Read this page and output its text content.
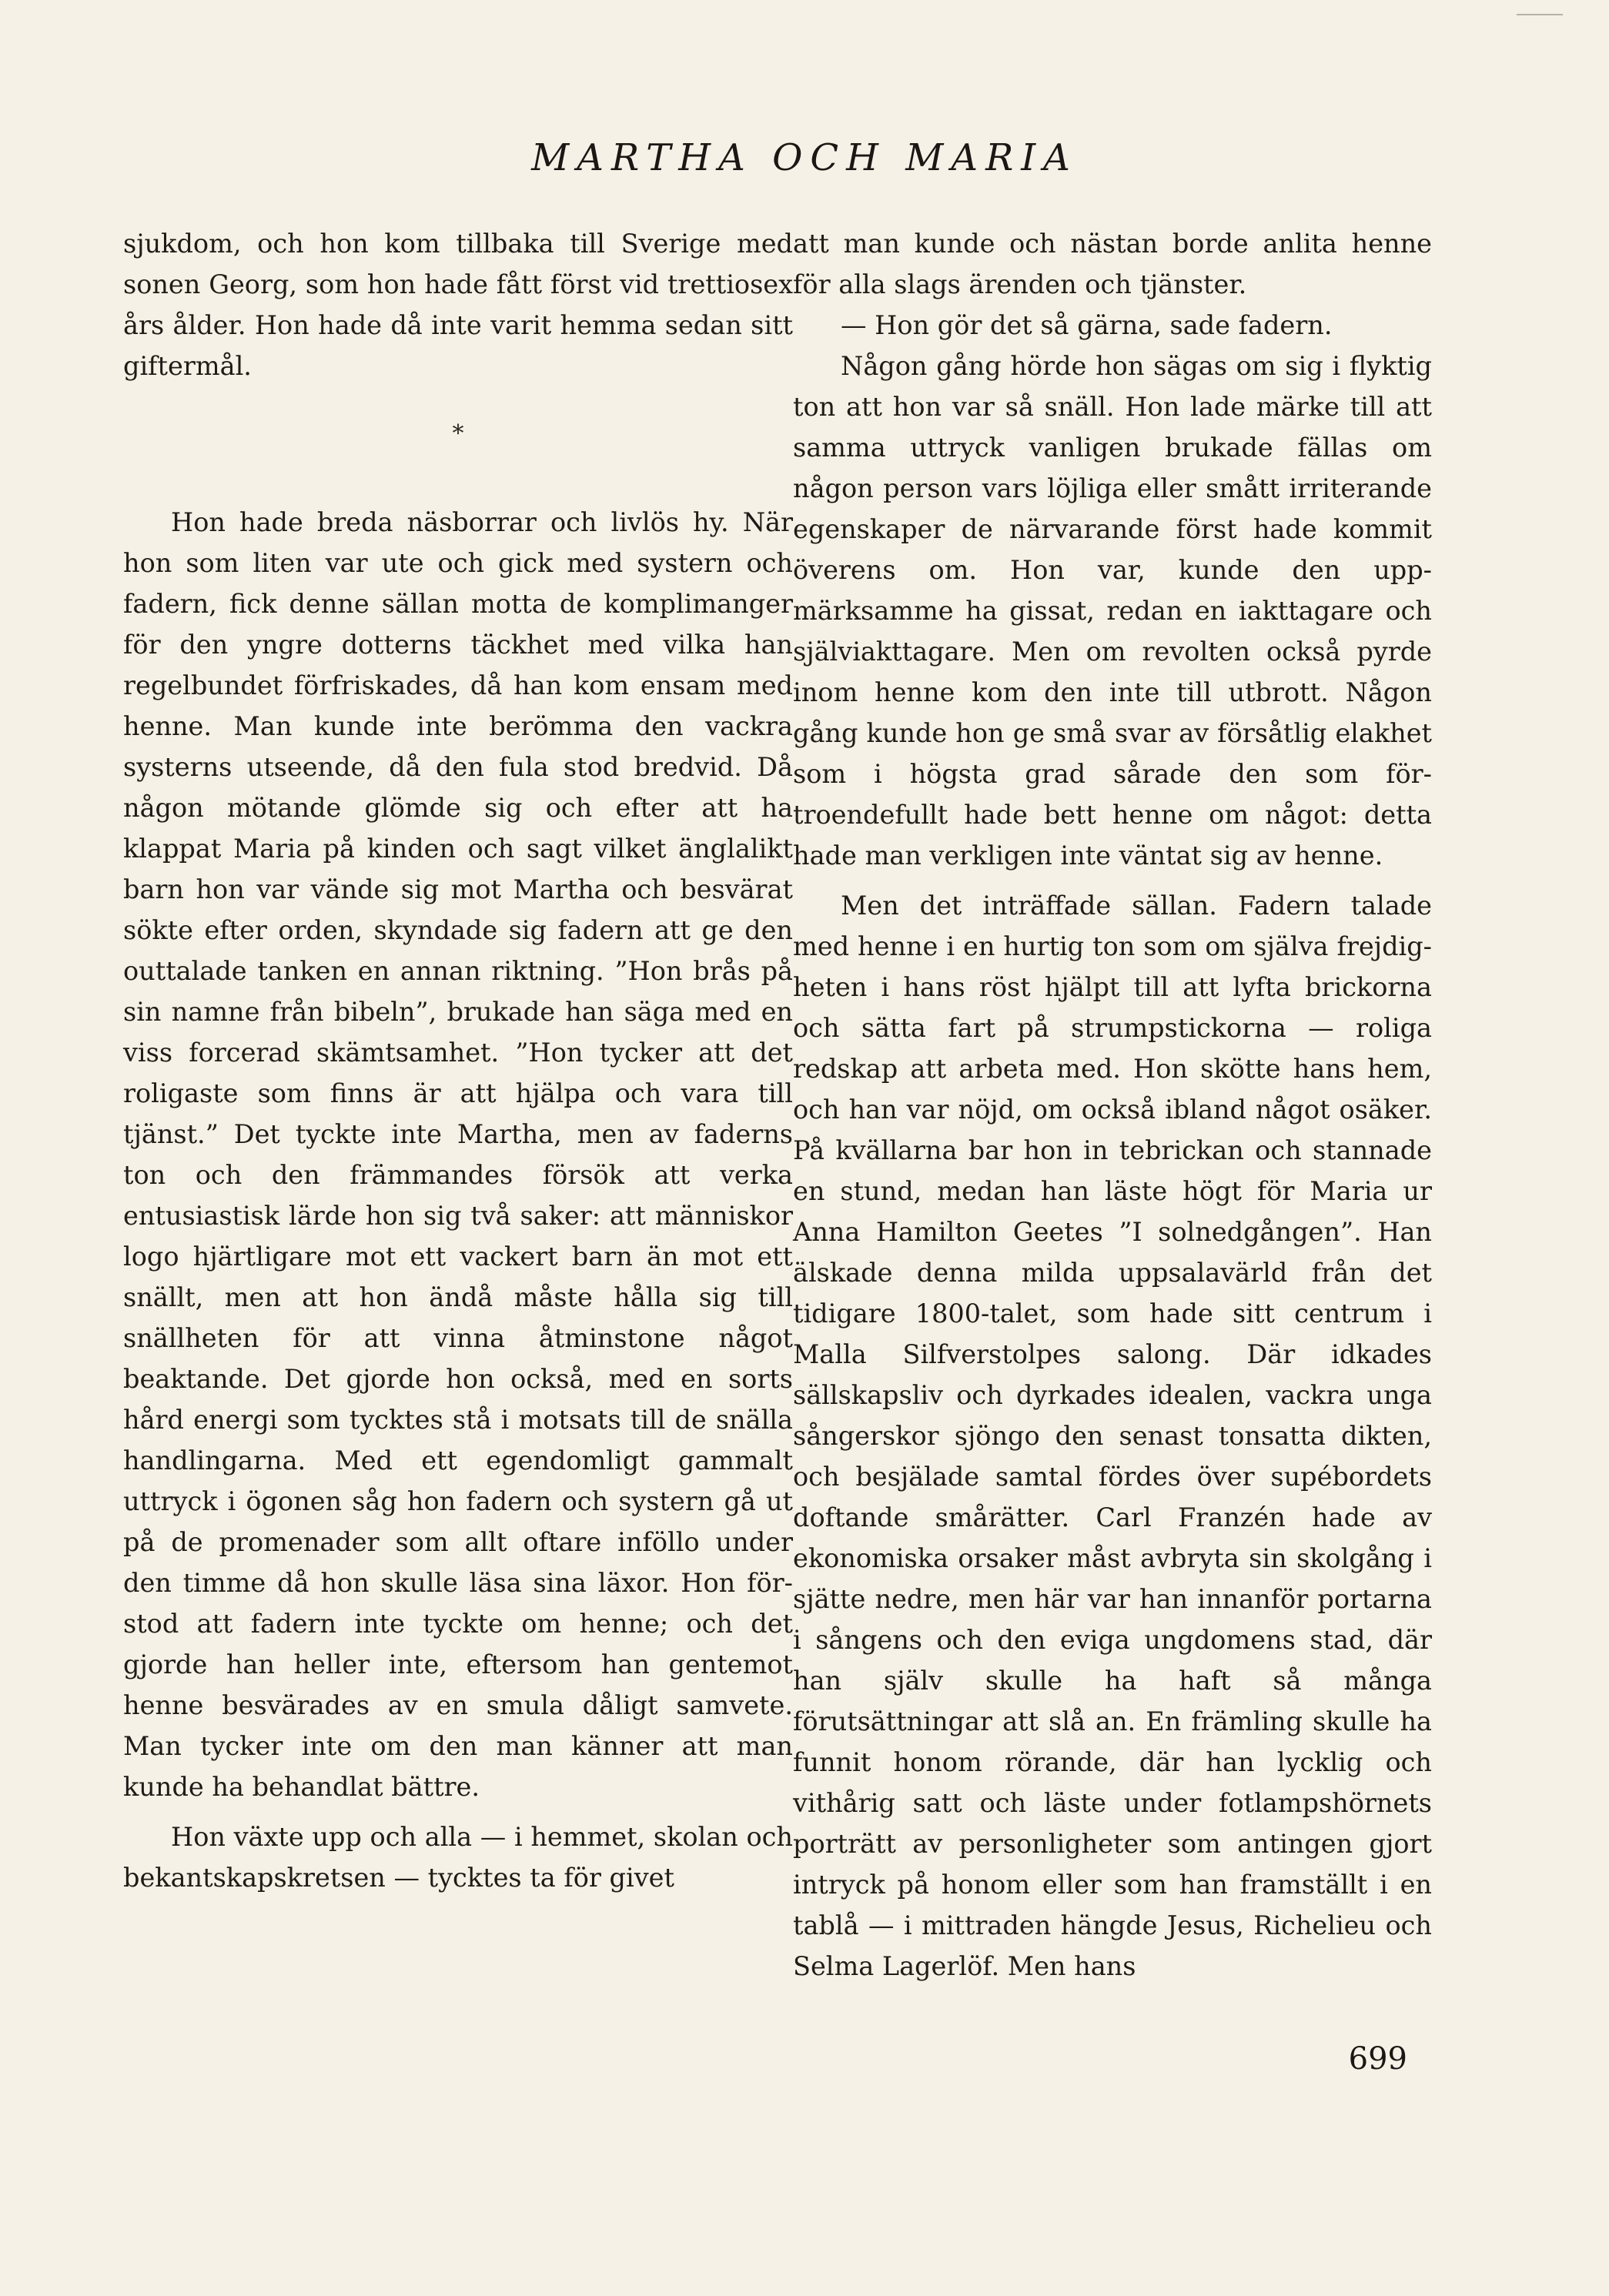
MARTHA OCH MARIA

sjukdom, och hon kom tillbaka till Sverige med sonen Georg, som hon hade fått först vid trettiosex års ålder. Hon hade då inte varit hemma sedan sitt giftermål.

*

Hon hade breda näsborrar och livlös hy. När hon som liten var ute och gick med systern och fadern, fick denne sällan motta de komplimanger för den yngre dotterns täckhet med vilka han regelbundet förfriskades, då han kom ensam med henne. Man kunde inte berömma den vackra systerns utseende, då den fula stod bredvid. Då någon mötande glömde sig och efter att ha klappat Maria på kinden och sagt vilket änglalikt barn hon var vände sig mot Martha och besvärat sökte efter orden, skyndade sig fadern att ge den outtalade tanken en annan riktning. ”Hon brås på sin namne från bibeln”, brukade han säga med en viss forcerad skämtsamhet. ”Hon tycker att det roligaste som finns är att hjälpa och vara till tjänst.” Det tyckte inte Martha, men av faderns ton och den främmandes försök att verka entusiastisk lärde hon sig två saker: att människor logo hjärtligare mot ett vackert barn än mot ett snällt, men att hon ändå måste hålla sig till snällheten för att vinna åtminstone något beaktande. Det gjorde hon också, med en sorts hård energi som tycktes stå i motsats till de snälla handlingarna. Med ett egendomligt gammalt uttryck i ögonen såg hon fadern och systern gå ut på de promenader som allt oftare inföllo under den timme då hon skulle läsa sina läxor. Hon förstod att fadern inte tyckte om henne; och det gjorde han heller inte, eftersom han gentemot henne besvärades av en smula dåligt samvete. Man tycker inte om den man känner att man kunde ha behandlat bättre.

Hon växte upp och alla — i hemmet, skolan och bekantskapskretsen — tycktes ta för givet

att man kunde och nästan borde anlita henne för alla slags ärenden och tjänster.

— Hon gör det så gärna, sade fadern.

Någon gång hörde hon sägas om sig i flyktig ton att hon var så snäll. Hon lade märke till att samma uttryck vanligen brukade fällas om någon person vars löjliga eller smått irriterande egenskaper de närvarande först hade kommit överens om. Hon var, kunde den uppmärksamme ha gissat, redan en iakttagare och själviakttagare. Men om revolten också pyrde inom henne kom den inte till utbrott. Någon gång kunde hon ge små svar av försåtlig elakhet som i högsta grad sårade den som förtroendefullt hade bett henne om något: detta hade man verkligen inte väntat sig av henne.

Men det inträffade sällan. Fadern talade med henne i en hurtig ton som om själva frejdigheten i hans röst hjälpt till att lyfta brickorna och sätta fart på strumpstickorna — roliga redskap att arbeta med. Hon skötte hans hem, och han var nöjd, om också ibland något osäker. På kvällarna bar hon in tebrickan och stannade en stund, medan han läste högt för Maria ur Anna Hamilton Geetes ”I solnedgången”. Han älskade denna milda uppsalavärld från det tidigare 1800-talet, som hade sitt centrum i Malla Silfverstolpes salong. Där idkades sällskapsliv och dyrkades idealen, vackra unga sångerskor sjöngo den senast tonsatta dikten, och besjälade samtal fördes över supébordets doftande smårätter. Carl Franzén hade av ekonomiska orsaker måst avbryta sin skolgång i sjätte nedre, men här var han innanför portarna i sångens och den eviga ungdomens stad, där han själv skulle ha haft så många förutsättningar att slå an. En främling skulle ha funnit honom rörande, där han lycklig och vithårig satt och läste under fotlampshörnets porträtt av personligheter som antingen gjort intryck på honom eller som han framställt i en tablå — i mittraden hängde Jesus, Richelieu och Selma Lagerlöf. Men hans

699
